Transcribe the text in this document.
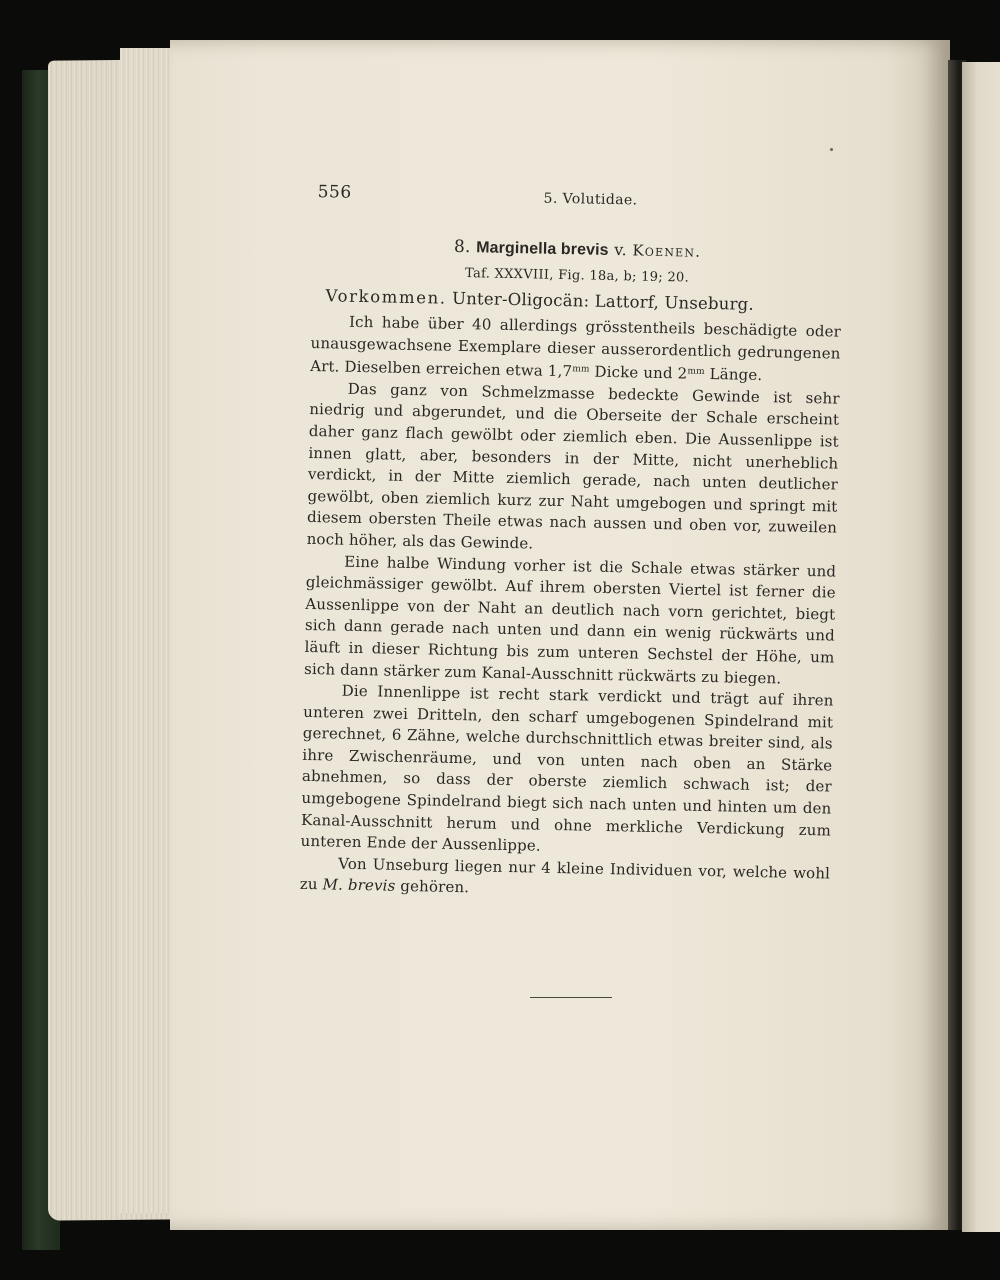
556	5. Volutidae.
8. Marginella brevis v. Koenen.
Taf. XXXVIII, Fig. 18a, b; 19; 20.
Vorkommen. Unter-Oligocän: Lattorf, Unseburg.

Ich habe über 40 allerdings grösstentheils beschädigte oder unausgewachsene Exemplare dieser ausserordentlich gedrungenen Art. Dieselben erreichen etwa $1,7^{mm}$ Dicke und $2^{mm}$ Länge.

Das ganz von Schmelzmasse bedeckte Gewinde ist sehr niedrig und abgerundet, und die Oberseite der Schale erscheint daher ganz flach gewölbt oder ziemlich eben. Die Aussenlippe ist innen glatt, aber, besonders in der Mitte, nicht unerheblich verdickt, in der Mitte ziemlich gerade, nach unten deutlicher gewölbt, oben ziemlich kurz zur Naht umgebogen und springt mit diesem obersten Theile etwas nach aussen und oben vor, zuweilen noch höher, als das Gewinde.

Eine halbe Windung vorher ist die Schale etwas stärker und gleichmässiger gewölbt. Auf ihrem obersten Viertel ist ferner die Aussenlippe von der Naht an deutlich nach vorn gerichtet, biegt sich dann gerade nach unten und dann ein wenig rückwärts und läuft in dieser Richtung bis zum unteren Sechstel der Höhe, um sich dann stärker zum Kanal-Ausschnitt rückwärts zu biegen.

Die Innenlippe ist recht stark verdickt und trägt auf ihren unteren zwei Dritteln, den scharf umgebogenen Spindelrand mit gerechnet, 6 Zähne, welche durchschnittlich etwas breiter sind, als ihre Zwischenräume, und von unten nach oben an Stärke abnehmen, so dass der oberste ziemlich schwach ist; der umgebogene Spindelrand biegt sich nach unten und hinten um den Kanal-Ausschnitt herum und ohne merkliche Verdickung zum unteren Ende der Aussenlippe.

Von Unseburg liegen nur 4 kleine Individuen vor, welche wohl zu M. brevis gehören.
